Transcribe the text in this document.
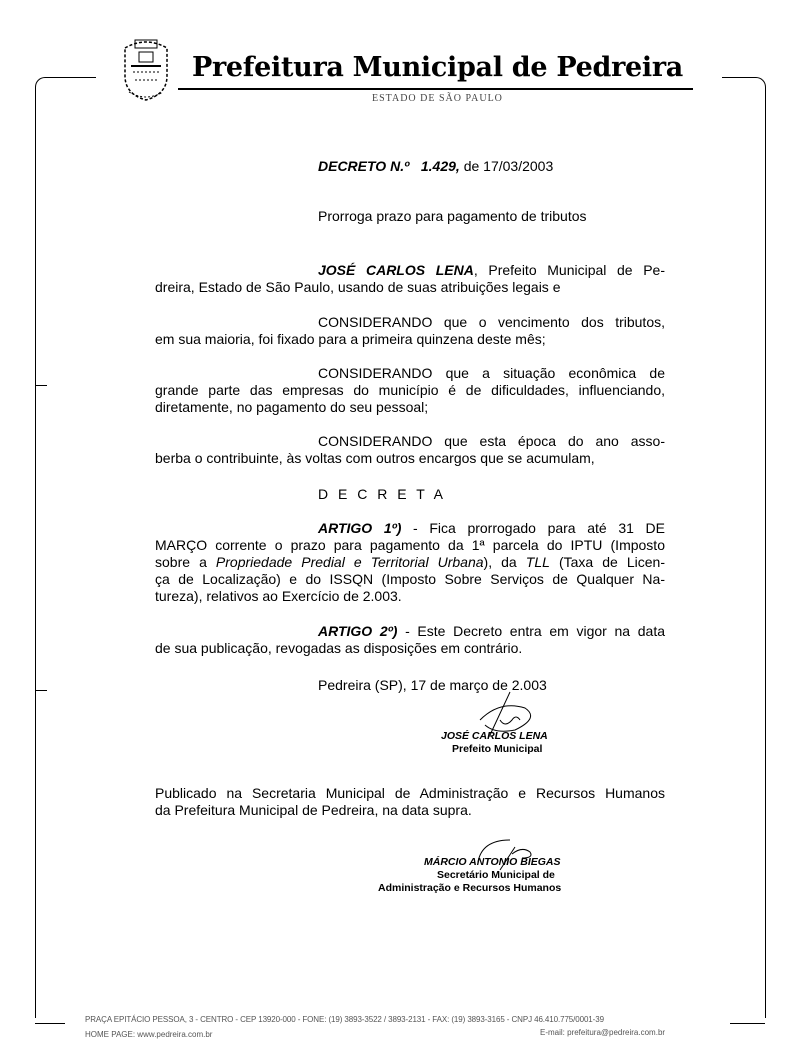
Prefeitura Municipal de Pedreira
ESTADO DE SÃO PAULO
DECRETO N.º 1.429, de 17/03/2003
Prorroga prazo para pagamento de tributos
JOSÉ CARLOS LENA, Prefeito Municipal de Pe-
dreira, Estado de São Paulo, usando de suas atribuições legais e
CONSIDERANDO que o vencimento dos tributos,
em sua maioria, foi fixado para a primeira quinzena deste mês;
CONSIDERANDO que a situação econômica de
grande parte das empresas do município é de dificuldades, influenciando,
diretamente, no pagamento do seu pessoal;
CONSIDERANDO que esta época do ano asso-
berba o contribuinte, às voltas com outros encargos que se acumulam,
D E C R E T A
ARTIGO 1º) - Fica prorrogado para até 31 DE
MARÇO corrente o prazo para pagamento da 1ª parcela do IPTU (Imposto
sobre a Propriedade Predial e Territorial Urbana), da TLL (Taxa de Licen-
ça de Localização) e do ISSQN (Imposto Sobre Serviços de Qualquer Na-
tureza), relativos ao Exercício de 2.003.
ARTIGO 2º) - Este Decreto entra em vigor na data
de sua publicação, revogadas as disposições em contrário.
Pedreira (SP), 17 de março de 2.003
JOSÉ CARLOS LENA
Prefeito Municipal
Publicado na Secretaria Municipal de Administração e Recursos Humanos
da Prefeitura Municipal de Pedreira, na data supra.
MÁRCIO ANTONIO BIEGAS
Secretário Municipal de
Administração e Recursos Humanos
PRAÇA EPITÁCIO PESSOA, 3 - CENTRO - CEP 13920-000 - FONE: (19) 3893-3522 / 3893-2131 - FAX: (19) 3893-3165 - CNPJ 46.410.775/0001-39
HOME PAGE: www.pedreira.com.br	E-mail: prefeitura@pedreira.com.br
